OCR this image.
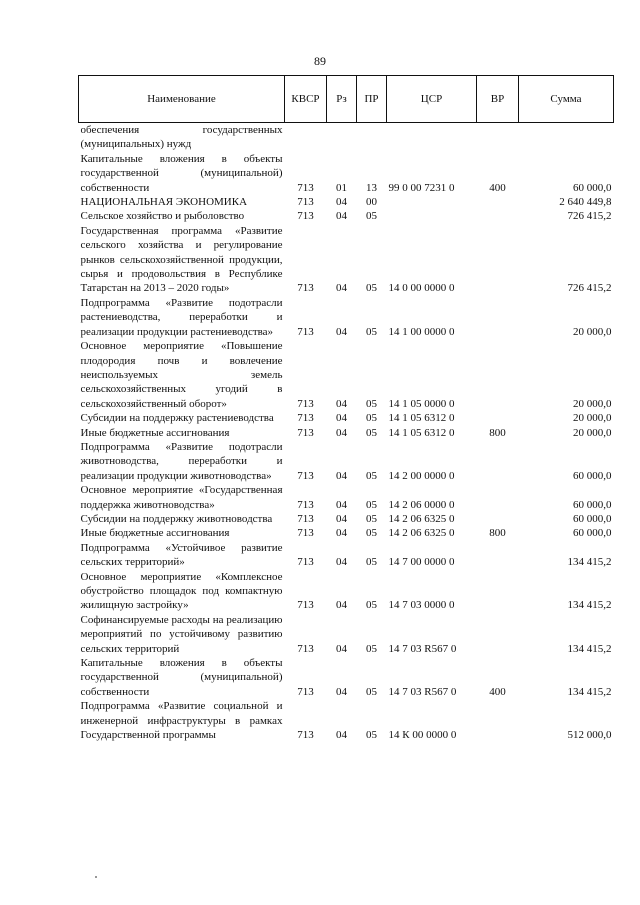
89
Наименование	КВСР	Рз	ПР	ЦСР	ВР	Сумма
обеспечения государственных (муниципальных) нужд						
Капитальные вложения в объекты государственной (муниципальной) собственности	713	01	13	99 0 00 7231 0	400	60 000,0
НАЦИОНАЛЬНАЯ ЭКОНОМИКА	713	04	00			2 640 449,8
Сельское хозяйство и рыболовство	713	04	05			726 415,2
Государственная программа «Развитие сельского хозяйства и регулирование рынков сельскохозяйственной продукции, сырья и продовольствия в Республике Татарстан на 2013 – 2020 годы»	713	04	05	14 0 00 0000 0		726 415,2
Подпрограмма «Развитие подотрасли растениеводства, переработки и реализации продукции растениеводства»	713	04	05	14 1 00 0000 0		20 000,0
Основное мероприятие «Повышение плодородия почв и вовлечение неиспользуемых земель сельскохозяйственных угодий в сельскохозяйственный оборот»	713	04	05	14 1 05 0000 0		20 000,0
Субсидии на поддержку растениеводства	713	04	05	14 1 05 6312 0		20 000,0
Иные бюджетные ассигнования	713	04	05	14 1 05 6312 0	800	20 000,0
Подпрограмма «Развитие подотрасли животноводства, переработки и реализации продукции животноводства»	713	04	05	14 2 00 0000 0		60 000,0
Основное мероприятие «Государственная поддержка животноводства»	713	04	05	14 2 06 0000 0		60 000,0
Субсидии на поддержку животноводства	713	04	05	14 2 06 6325 0		60 000,0
Иные бюджетные ассигнования	713	04	05	14 2 06 6325 0	800	60 000,0
Подпрограмма «Устойчивое развитие сельских территорий»	713	04	05	14 7 00 0000 0		134 415,2
Основное мероприятие «Комплексное обустройство площадок под компактную жилищную застройку»	713	04	05	14 7 03 0000 0		134 415,2
Софинансируемые расходы на реализацию мероприятий по устойчивому развитию сельских территорий	713	04	05	14 7 03 R567 0		134 415,2
Капитальные вложения в объекты государственной (муниципальной) собственности	713	04	05	14 7 03 R567 0	400	134 415,2
Подпрограмма «Развитие социальной и инженерной инфраструктуры в рамках Государственной программы	713	04	05	14 К 00 0000 0		512 000,0
